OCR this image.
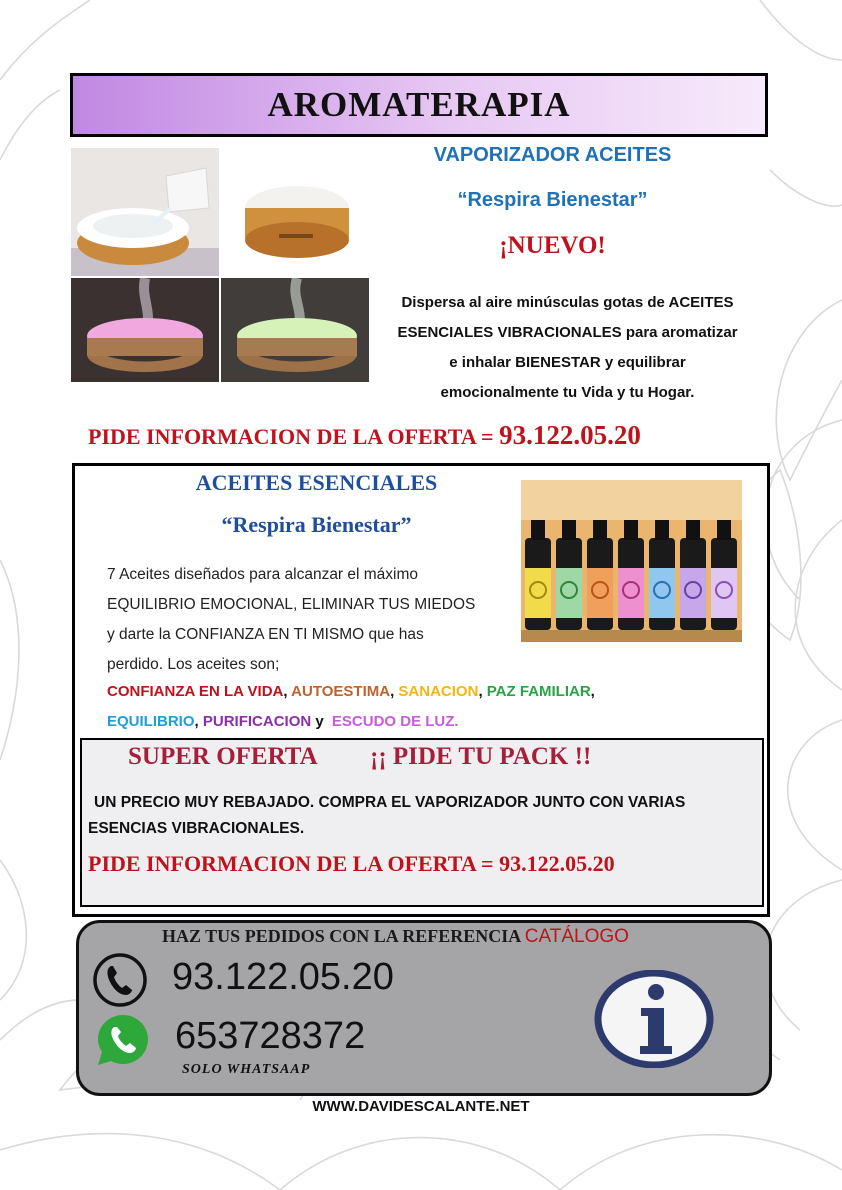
AROMATERAPIA
VAPORIZADOR ACEITES
“Respira Bienestar”
¡NUEVO!
Dispersa al aire minúsculas gotas de ACEITES
ESENCIALES VIBRACIONALES para aromatizar
e inhalar BIENESTAR y equilibrar
emocionalmente tu Vida y tu Hogar.
PIDE INFORMACION DE LA OFERTA = 93.122.05.20
ACEITES ESENCIALES
“Respira Bienestar”
7 Aceites diseñados para alcanzar el máximo
EQUILIBRIO EMOCIONAL, ELIMINAR TUS MIEDOS
y darte la CONFIANZA EN TI MISMO que has
perdido. Los aceites son;
CONFIANZA EN LA VIDA, AUTOESTIMA, SANACION, PAZ FAMILIAR,
EQUILIBRIO, PURIFICACION y ESCUDO DE LUZ.
SUPER OFERTA ¡¡ PIDE TU PACK !!
UN PRECIO MUY REBAJADO. COMPRA EL VAPORIZADOR JUNTO CON VARIAS ESENCIAS VIBRACIONALES.
PIDE INFORMACION DE LA OFERTA = 93.122.05.20
HAZ TUS PEDIDOS CON LA REFERENCIA CATÁLOGO
93.122.05.20
653728372
SOLO WHATSAAP
WWW.DAVIDESCALANTE.NET
